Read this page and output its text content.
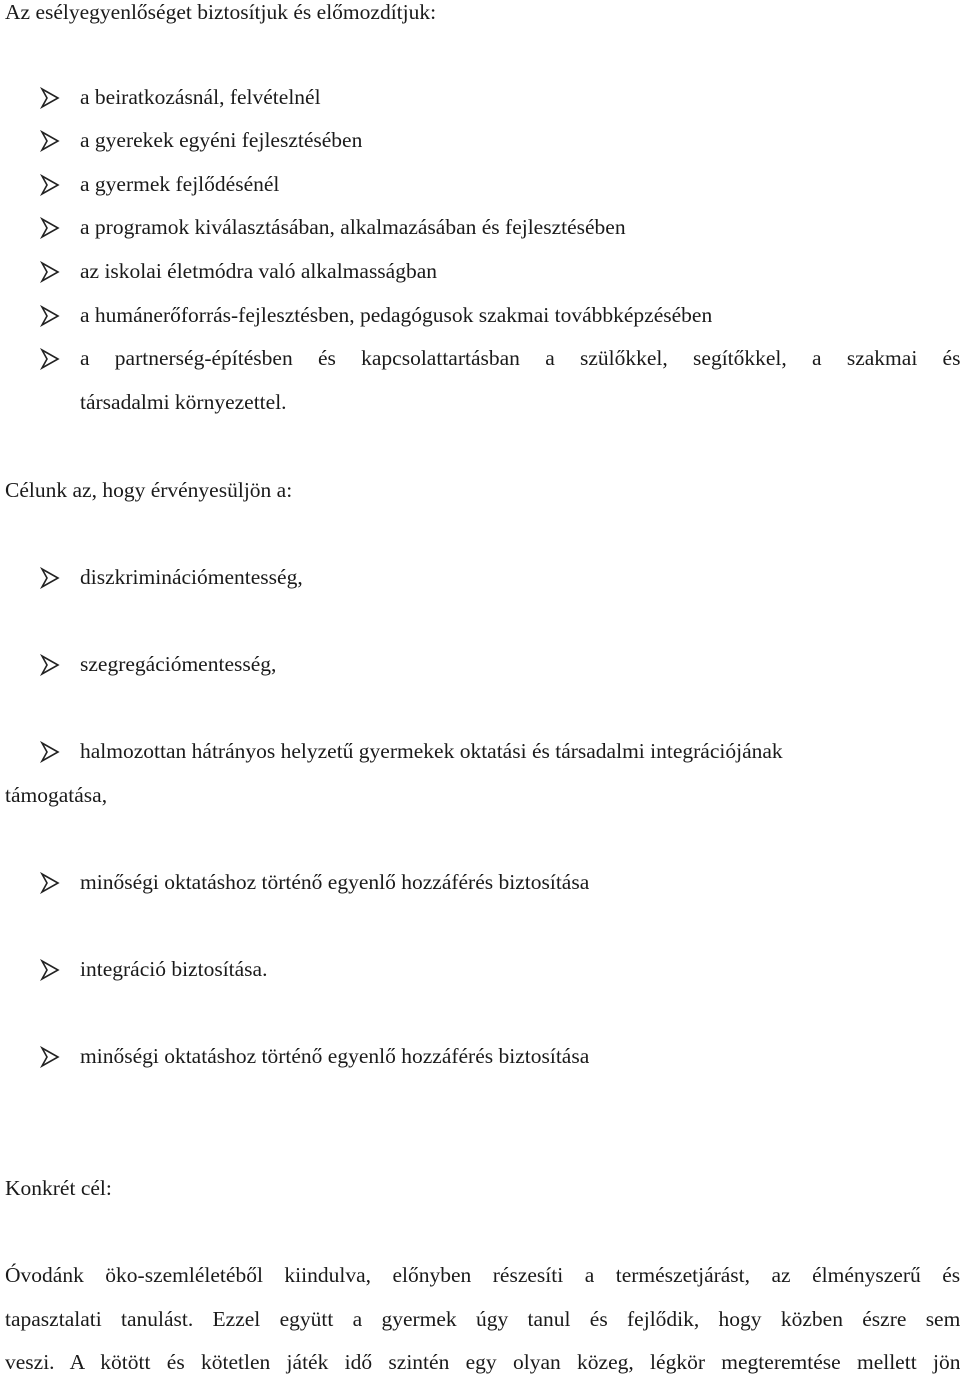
Az esélyegyenlőséget biztosítjuk és előmozdítjuk:
a beiratkozásnál, felvételnél
a gyerekek egyéni fejlesztésében
a gyermek fejlődésénél
a programok kiválasztásában, alkalmazásában és fejlesztésében
az iskolai életmódra való alkalmasságban
a humánerőforrás-fejlesztésben, pedagógusok szakmai továbbképzésében
a partnerség-építésben és kapcsolattartásban a szülőkkel, segítőkkel, a szakmai és
társadalmi környezettel.
Célunk az, hogy érvényesüljön a:
diszkriminációmentesség,
szegregációmentesség,
halmozottan hátrányos helyzetű gyermekek oktatási és társadalmi integrációjának
támogatása,
minőségi oktatáshoz történő egyenlő hozzáférés biztosítása
integráció biztosítása.
minőségi oktatáshoz történő egyenlő hozzáférés biztosítása
Konkrét cél:
Óvodánk öko-szemléletéből kiindulva, előnyben részesíti a természetjárást, az élményszerű és
tapasztalati tanulást. Ezzel együtt a gyermek úgy tanul és fejlődik, hogy közben észre sem
veszi. A kötött és kötetlen játék idő szintén egy olyan közeg, légkör megteremtése mellett jön
